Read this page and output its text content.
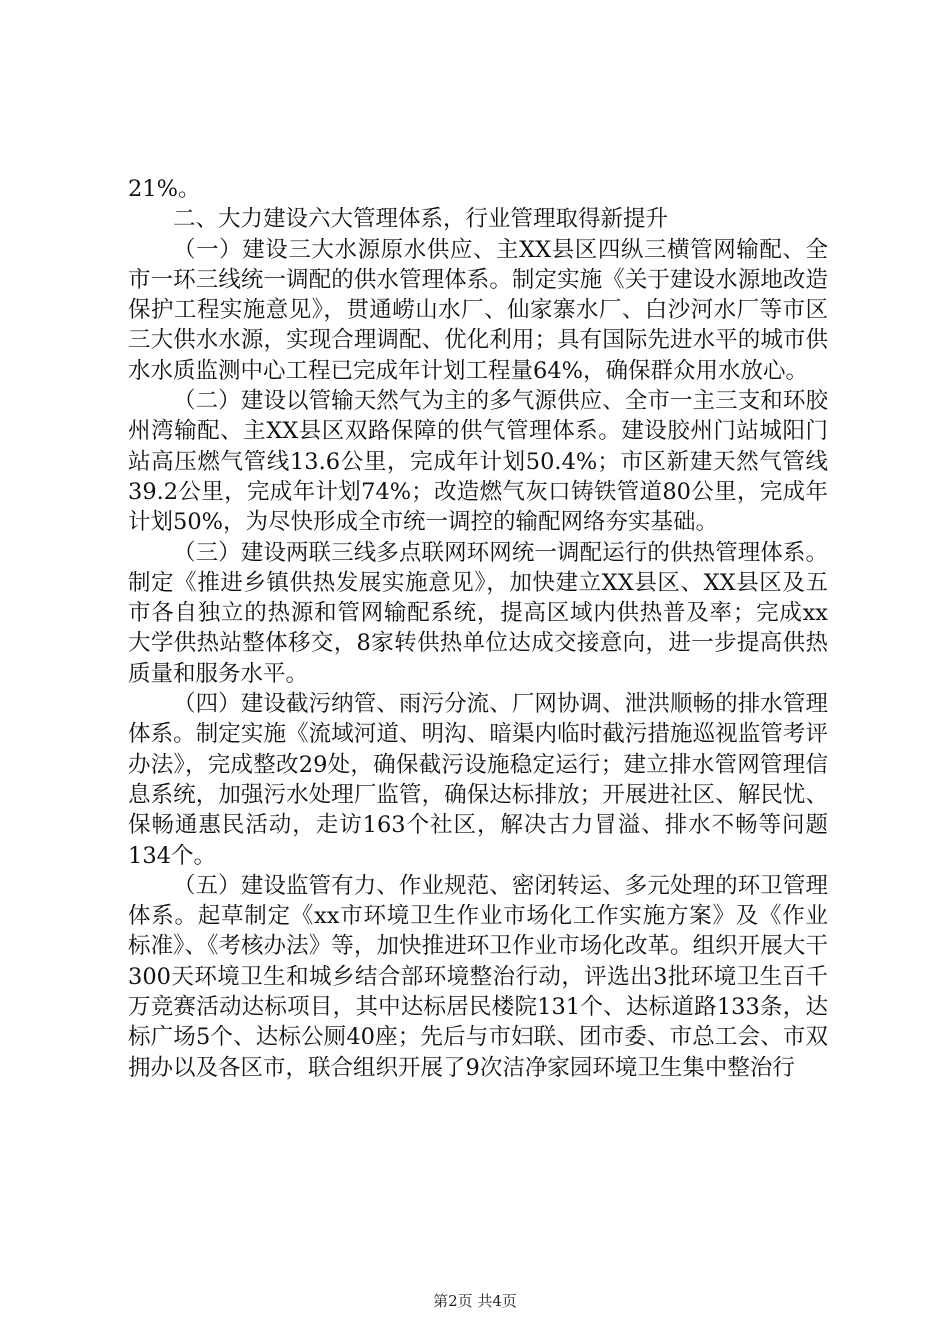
21%。

二、大力建设六大管理体系，行业管理取得新提升

（一）建设三大水源原水供应、主XX县区四纵三横管网输配、全市一环三线统一调配的供水管理体系。制定实施《关于建设水源地改造保护工程实施意见》，贯通崂山水厂、仙家寨水厂、白沙河水厂等市区三大供水水源，实现合理调配、优化利用；具有国际先进水平的城市供水水质监测中心工程已完成年计划工程量64%，确保群众用水放心。

（二）建设以管输天然气为主的多气源供应、全市一主三支和环胶州湾输配、主XX县区双路保障的供气管理体系。建设胶州门站城阳门站高压燃气管线13.6公里，完成年计划50.4%；市区新建天然气管线39.2公里，完成年计划74%；改造燃气灰口铸铁管道80公里，完成年计划50%，为尽快形成全市统一调控的输配网络夯实基础。

（三）建设两联三线多点联网环网统一调配运行的供热管理体系。制定《推进乡镇供热发展实施意见》，加快建立XX县区、XX县区及五市各自独立的热源和管网输配系统，提高区域内供热普及率；完成xx大学供热站整体移交，8家转供热单位达成交接意向，进一步提高供热质量和服务水平。

（四）建设截污纳管、雨污分流、厂网协调、泄洪顺畅的排水管理体系。制定实施《流域河道、明沟、暗渠内临时截污措施巡视监管考评办法》，完成整改29处，确保截污设施稳定运行；建立排水管网管理信息系统，加强污水处理厂监管，确保达标排放；开展进社区、解民忧、保畅通惠民活动，走访163个社区，解决古力冒溢、排水不畅等问题134个。

（五）建设监管有力、作业规范、密闭转运、多元处理的环卫管理体系。起草制定《xx市环境卫生作业市场化工作实施方案》及《作业标准》、《考核办法》等，加快推进环卫作业市场化改革。组织开展大干300天环境卫生和城乡结合部环境整治行动，评选出3批环境卫生百千万竞赛活动达标项目，其中达标居民楼院131个、达标道路133条，达标广场5个、达标公厕40座；先后与市妇联、团市委、市总工会、市双拥办以及各区市，联合组织开展了9次洁净家园环境卫生集中整治行

第2页 共4页
